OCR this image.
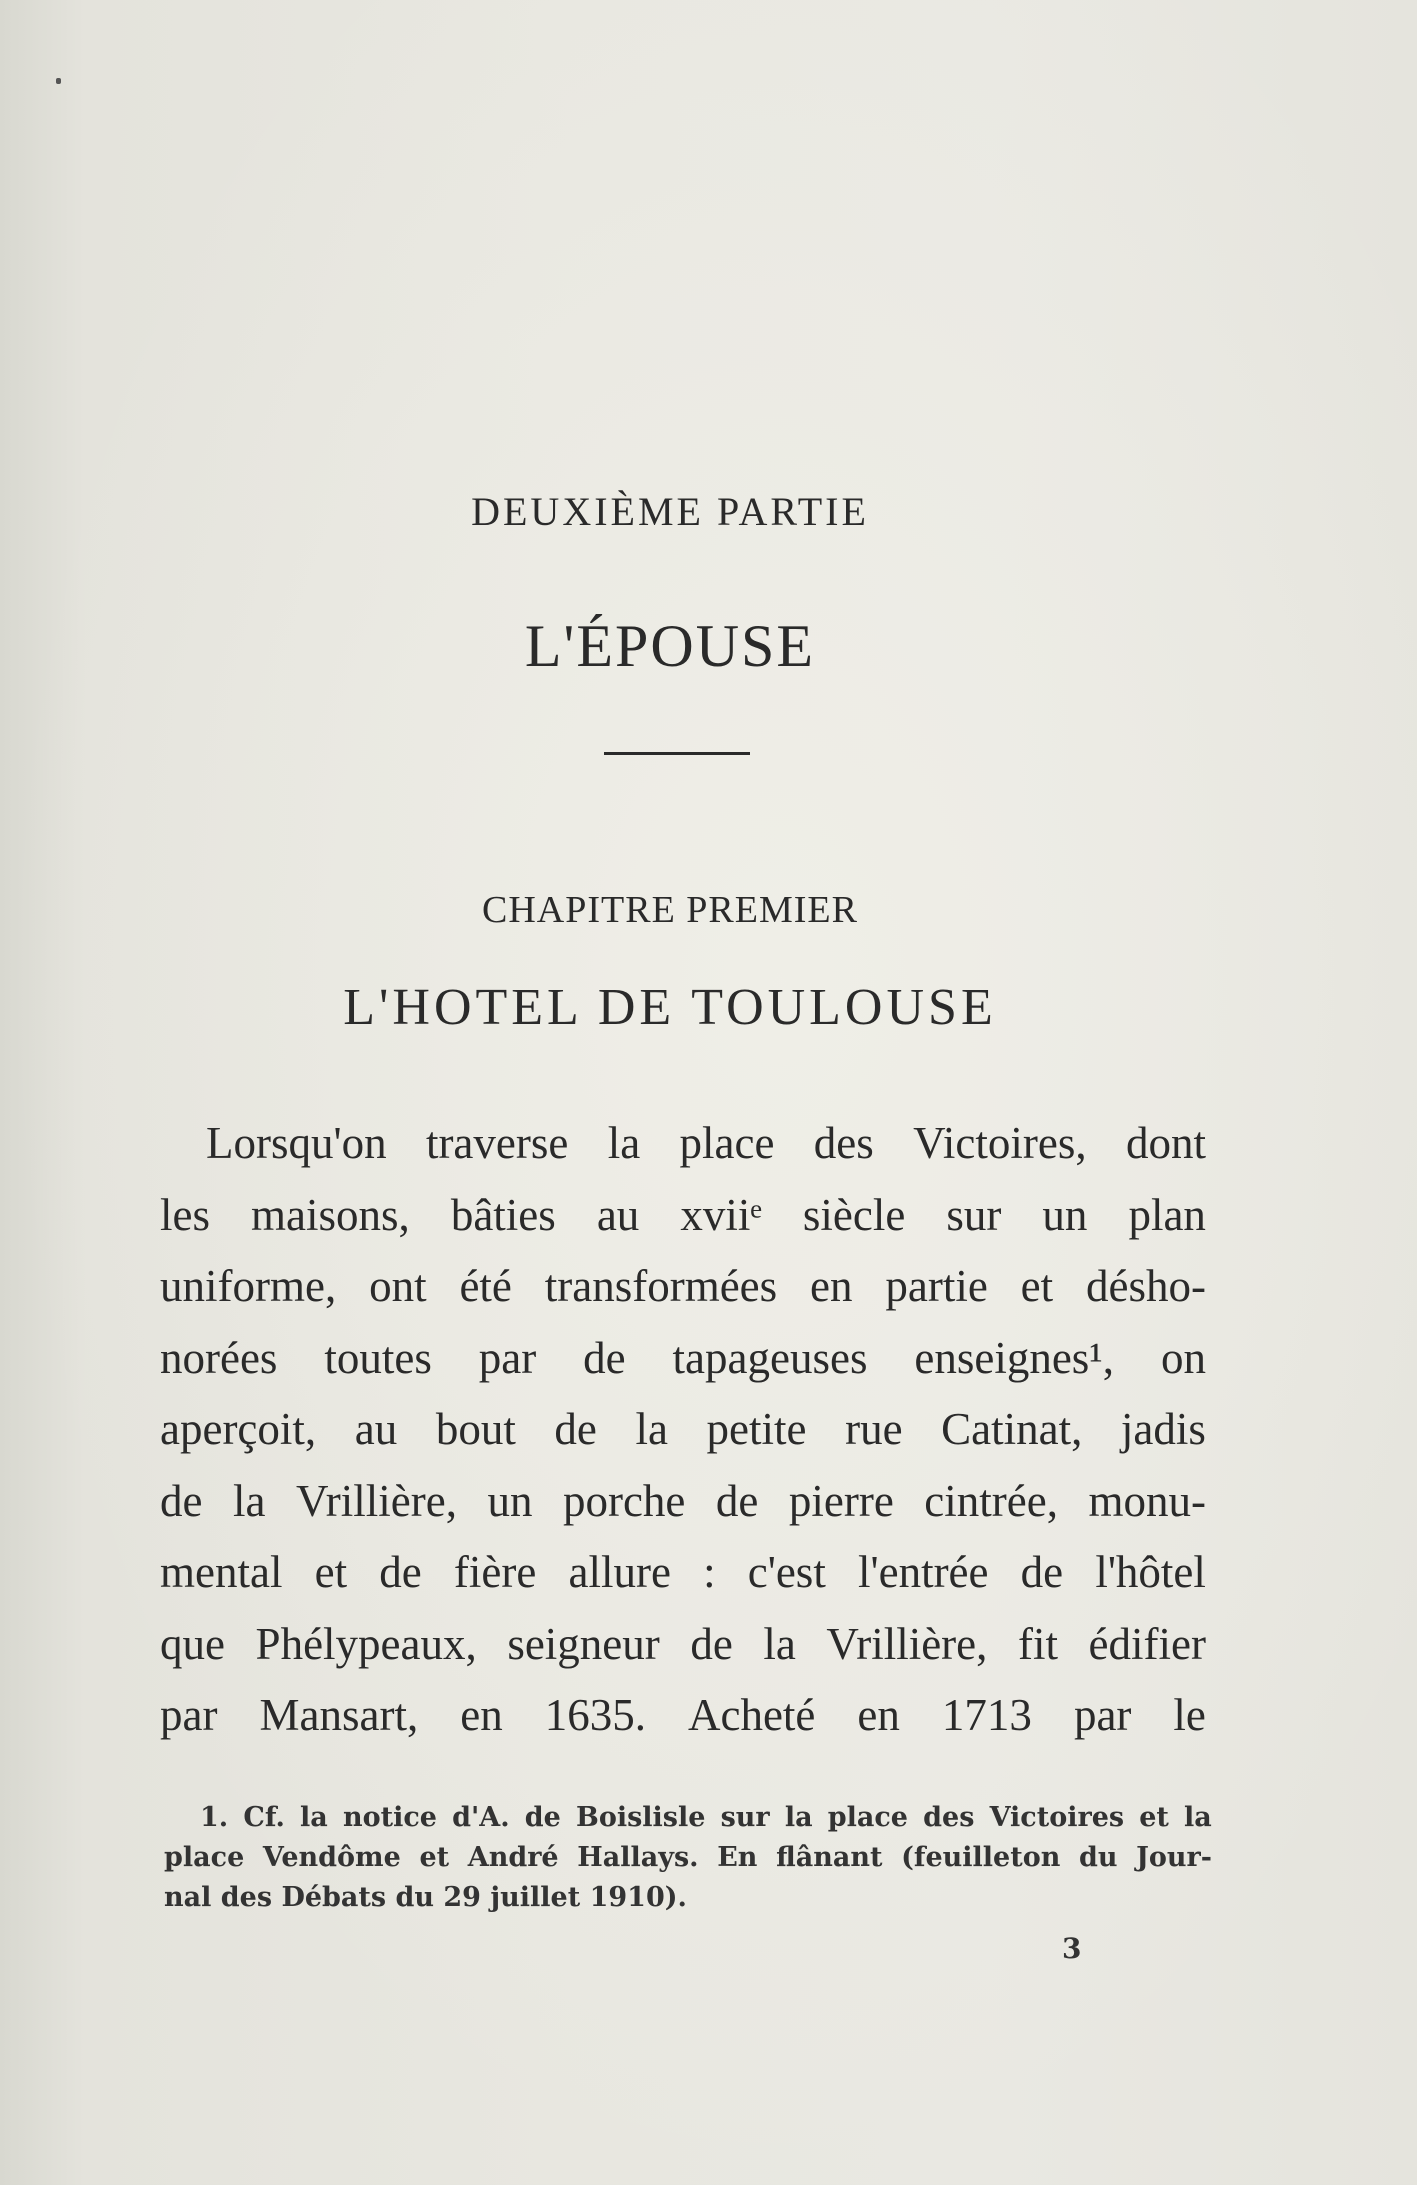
DEUXIÈME PARTIE
L'ÉPOUSE
CHAPITRE PREMIER
L'HOTEL DE TOULOUSE
Lorsqu'on traverse la place des Victoires, dont
les maisons, bâties au xviiᵉ siècle sur un plan
uniforme, ont été transformées en partie et désho-
norées toutes par de tapageuses enseignes¹, on
aperçoit, au bout de la petite rue Catinat, jadis
de la Vrillière, un porche de pierre cintrée, monu-
mental et de fière allure : c'est l'entrée de l'hôtel
que Phélypeaux, seigneur de la Vrillière, fit édifier
par Mansart, en 1635. Acheté en 1713 par le
1. Cf. la notice d'A. de Boislisle sur la place des Victoires et la
place Vendôme et André Hallays. En flânant (feuilleton du Jour-
nal des Débats du 29 juillet 1910).
3
